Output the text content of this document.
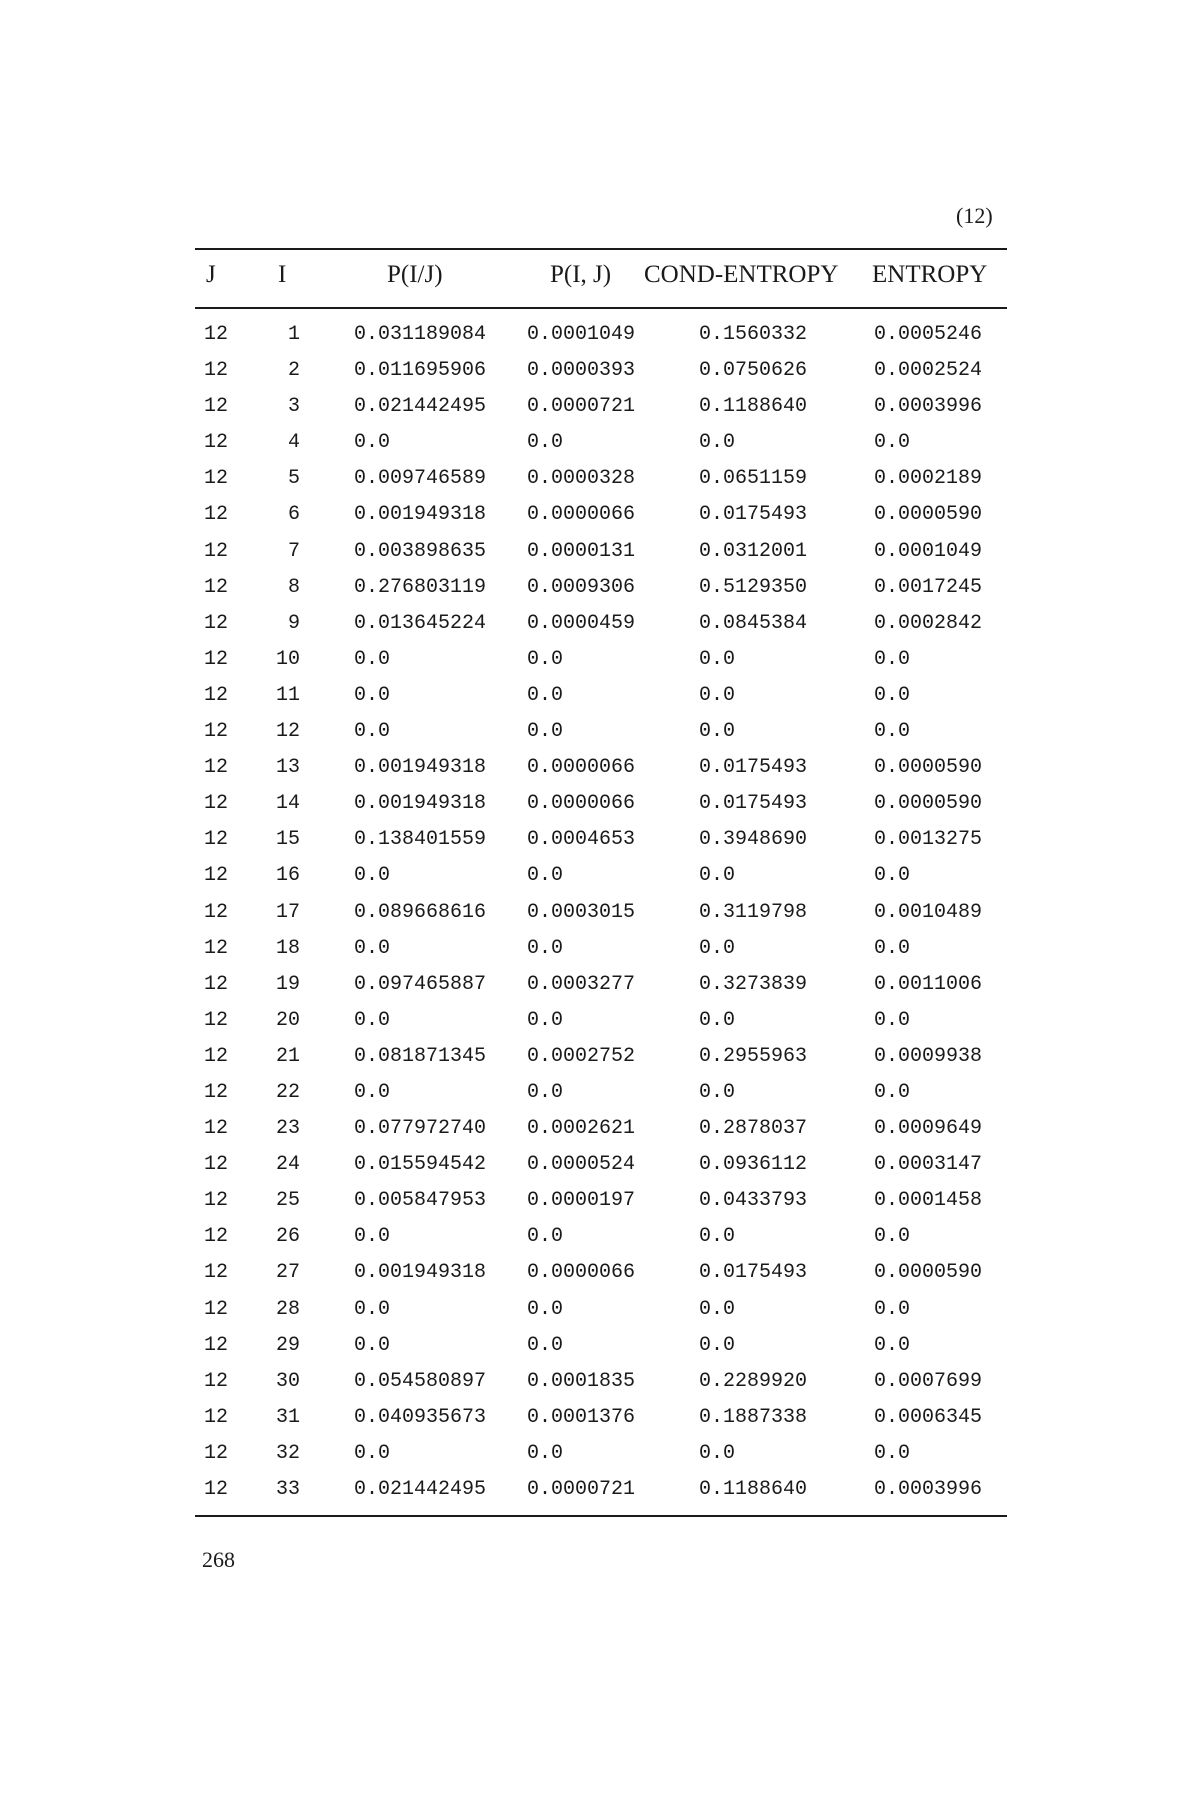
(12)
J I	P(I/J)	P(I, J) COND-ENTROPY ENTROPY
12	1	0.031189084 0.0001049	0.1560332	0.0005246
12	2	0.011695906 0.0000393	0.0750626	0.0002524
12	3	0.021442495 0.0000721	0.1188640	0.0003996
12	4	0.0	0.0	0.0	0.0
12	5	0.009746589 0.0000328	0.0651159	0.0002189
12	6	0.001949318 0.0000066	0.0175493	0.0000590
12	7	0.003898635 0.0000131	0.0312001	0.0001049
12	8	0.276803119 0.0009306	0.5129350	0.0017245
12	9	0.013645224 0.0000459	0.0845384	0.0002842
12 10	0.0	0.0	0.0	0.0
12 11	0.0	0.0	0.0	0.0
12 12	0.0	0.0	0.0	0.0
12 13	0.001949318 0.0000066	0.0175493	0.0000590
12 14	0.001949318 0.0000066	0.0175493	0.0000590
12 15	0.138401559 0.0004653	0.3948690	0.0013275
12 16	0.0	0.0	0.0	0.0
12 17	0.089668616 0.0003015	0.3119798	0.0010489
12 18	0.0	0.0	0.0	0.0
12 19	0.097465887 0.0003277	0.3273839	0.0011006
12 20	0.0	0.0	0.0	0.0
12 21	0.081871345 0.0002752	0.2955963	0.0009938
12 22	0.0	0.0	0.0	0.0
12 23	0.077972740 0.0002621	0.2878037	0.0009649
12 24	0.015594542 0.0000524	0.0936112	0.0003147
12 25	0.005847953 0.0000197	0.0433793	0.0001458
12 26	0.0	0.0	0.0	0.0
12 27	0.001949318 0.0000066	0.0175493	0.0000590
12 28	0.0	0.0	0.0	0.0
12 29	0.0	0.0	0.0	0.0
12 30	0.054580897 0.0001835	0.2289920	0.0007699
12 31	0.040935673 0.0001376	0.1887338	0.0006345
12 32	0.0	0.0	0.0	0.0
12 33	0.021442495 0.0000721	0.1188640	0.0003996
268
